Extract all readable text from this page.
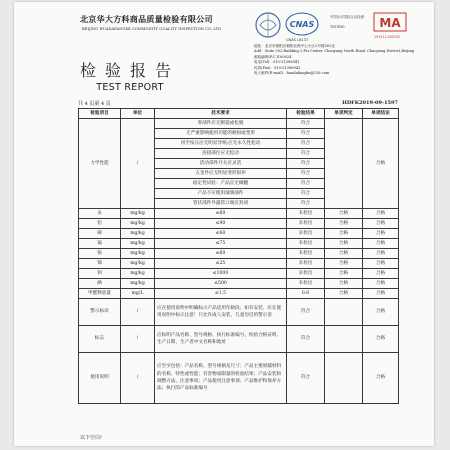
北京华大方科商品质量检验有限公司
BEIJING HUADAFANGKE COMMODITY QUALITY INSPECTION CO.,LTD	CNAS
CNAS L8137
中国认可国际互认检测
TESTING	MA
19311115005S
地址：北京市朝阳区朝阳北路中心小区2号楼302室
Add：Suite 302,Building 2,Fei Center, Chaoyang North Road ,Chaoyang District,Beijing
邮政编码(P.C.)100024
电话(Tel)：010-51396941
传真(Fax)：010-51396943
电子邮件(E-mail)：huadafangke@126.com
检验报告
TEST REPORT
共 4 页第 4 页	HDFK2019-09-1597
检验项目	单位	技术要求	检验结果	单项判定	单项结论
力学性能	/	零部件应无断裂或松脱	符合		合格
		无严重影响使用功能的磨损或变形	符合		
		用手按压应无明显异响,应无永久性松动	符合		
		连接部位应无松动	符合		
		活动部件开关应灵活	符合		
		五金件应无明显变形损坏	符合		
		稳定性试验：产品应无倾翻	符合		
		产品不应使用玻璃部件	符合		
		管状部件外露管口端应封闭	符合		
汞	mg/kg	≤60	未检出	合格	合格
铅	mg/kg	≤90	未检出	合格	合格
砷	mg/kg	≤60	未检出	合格	合格
镉	mg/kg	≤75	未检出	合格	合格
铬	mg/kg	≤60	未检出	合格	合格
锑	mg/kg	≤25	未检出	合格	合格
钡	mg/kg	≤1000	未检出	合格	合格
硒	mg/kg	≤500	未检出	合格	合格
甲醛释放量	mg/L	≤1.5	0.6	合格	合格
警示标识	/	应在使用说明中明确标示产品适用年龄段；如有安装，应在使用说明中标示注意！只允许成人安装，儿童勿近的警示语	符合		合格
标志	/	应标明产品名称、型号规格、执行标准编号、检验合格证明、生产日期、生产者中文名称和地址	符合		合格
使用说明	/	应至少包括：产品名称、型号规格及尺寸；产品主要原辅材料的名称、特性或性能；有害物质限量的检验结果；产品安装和调整方法、注意事项；产品使用注意事项；产品维护和保养方法；执行的产品标准编号	符合		合格
以下空白!
